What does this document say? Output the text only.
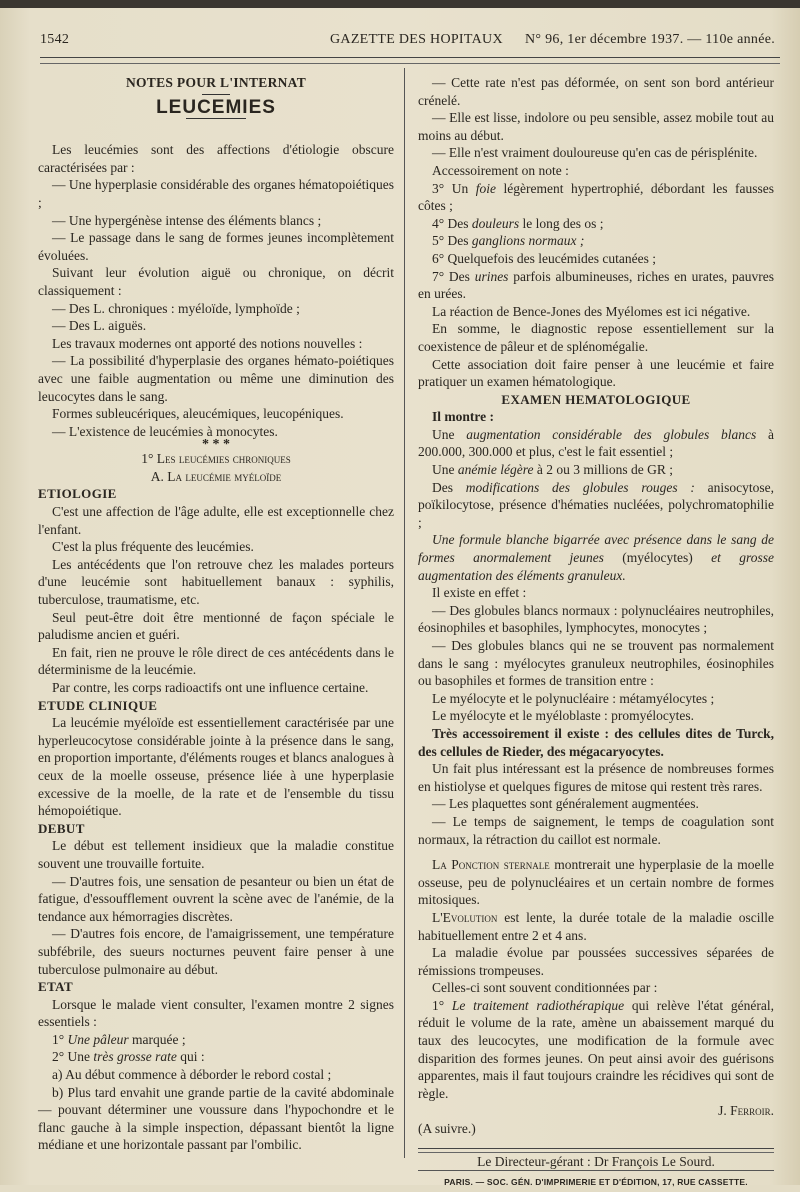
1542	GAZETTE DES HOPITAUX N° 96, 1er décembre 1937. — 110e année.

NOTES POUR L'INTERNAT

LEUCEMIES

Les leucémies sont des affections d'étiologie obscure caractérisées par :

— Une hyperplasie considérable des organes hématopoiétiques ;

— Une hypergénèse intense des éléments blancs ;

— Le passage dans le sang de formes jeunes incomplètement évoluées.

Suivant leur évolution aiguë ou chronique, on décrit classiquement :

— Des L. chroniques : myéloïde, lymphoïde ;

— Des L. aiguës.

Les travaux modernes ont apporté des notions nouvelles :

— La possibilité d'hyperplasie des organes hémato-poiétiques avec une faible augmentation ou même une diminution des leucocytes dans le sang.

Formes subleucériques, aleucémiques, leucopéniques.

— L'existence de leucémies à monocytes.

* * *

1° Les leucémies chroniques

A. La leucémie myéloïde

ETIOLOGIE

C'est une affection de l'âge adulte, elle est exceptionnelle chez l'enfant.

C'est la plus fréquente des leucémies.

Les antécédents que l'on retrouve chez les malades porteurs d'une leucémie sont habituellement banaux : syphilis, tuberculose, traumatisme, etc.

Seul peut-être doit être mentionné de façon spéciale le paludisme ancien et guéri.

En fait, rien ne prouve le rôle direct de ces antécédents dans le déterminisme de la leucémie.

Par contre, les corps radioactifs ont une influence certaine.

ETUDE CLINIQUE

La leucémie myéloïde est essentiellement caractérisée par une hyperleucocytose considérable jointe à la présence dans le sang, en proportion importante, d'éléments rouges et blancs analogues à ceux de la moelle osseuse, présence liée à une hyperplasie excessive de la moelle, de la rate et de l'ensemble du tissu hémopoiétique.

DEBUT

Le début est tellement insidieux que la maladie constitue souvent une trouvaille fortuite.

— D'autres fois, une sensation de pesanteur ou bien un état de fatigue, d'essoufflement ouvrent la scène avec de l'anémie, de la tendance aux hémorragies discrètes.

— D'autres fois encore, de l'amaigrissement, une température subfébrile, des sueurs nocturnes peuvent faire penser à une tuberculose pulmonaire au début.

ETAT

Lorsque le malade vient consulter, l'examen montre 2 signes essentiels :

1° Une pâleur marquée ;

2° Une très grosse rate qui :

a) Au début commence à déborder le rebord costal ;

b) Plus tard envahit une grande partie de la cavité abdominale — pouvant déterminer une voussure dans l'hypochondre et le flanc gauche à la simple inspection, dépassant bientôt la ligne médiane et une horizontale passant par l'ombilic.

— Cette rate n'est pas déformée, on sent son bord antérieur crénelé.

— Elle est lisse, indolore ou peu sensible, assez mobile tout au moins au début.

— Elle n'est vraiment douloureuse qu'en cas de périsplénite.

Accessoirement on note :

3° Un foie légèrement hypertrophié, débordant les fausses côtes ;

4° Des douleurs le long des os ;

5° Des ganglions normaux ;

6° Quelquefois des leucémides cutanées ;

7° Des urines parfois albumineuses, riches en urates, pauvres en urées.

La réaction de Bence-Jones des Myélomes est ici négative.

En somme, le diagnostic repose essentiellement sur la coexistence de pâleur et de splénomégalie.

Cette association doit faire penser à une leucémie et faire pratiquer un examen hématologique.

EXAMEN HEMATOLOGIQUE

Il montre :

Une augmentation considérable des globules blancs à 200.000, 300.000 et plus, c'est le fait essentiel ;

Une anémie légère à 2 ou 3 millions de GR ;

Des modifications des globules rouges : anisocytose, poïkilocytose, présence d'hématies nucléées, polychromatophilie ;

Une formule blanche bigarrée avec présence dans le sang de formes anormalement jeunes (myélocytes) et grosse augmentation des éléments granuleux.

Il existe en effet :

— Des globules blancs normaux : polynucléaires neutrophiles, éosinophiles et basophiles, lymphocytes, monocytes ;

— Des globules blancs qui ne se trouvent pas normalement dans le sang : myélocytes granuleux neutrophiles, éosinophiles ou basophiles et formes de transition entre :

Le myélocyte et le polynucléaire : métamyélocytes ;

Le myélocyte et le myéloblaste : promyélocytes.

Très accessoirement il existe : des cellules dites de Turck, des cellules de Rieder, des mégacaryocytes.

Un fait plus intéressant est la présence de nombreuses formes en histiolyse et quelques figures de mitose qui restent très rares.

— Les plaquettes sont généralement augmentées.

— Le temps de saignement, le temps de coagulation sont normaux, la rétraction du caillot est normale.

La Ponction sternale montrerait une hyperplasie de la moelle osseuse, peu de polynucléaires et un certain nombre de formes mitosiques.

L'Evolution est lente, la durée totale de la maladie oscille habituellement entre 2 et 4 ans.

La maladie évolue par poussées successives séparées de rémissions trompeuses.

Celles-ci sont souvent conditionnées par :

1° Le traitement radiothérapique qui relève l'état général, réduit le volume de la rate, amène un abaissement marqué du taux des leucocytes, une modification de la formule avec disparition des formes jeunes. On peut ainsi avoir des guérisons apparentes, mais il faut toujours craindre les récidives qui sont de règle.

J. Ferroir.

(A suivre.)

Le Directeur-gérant : Dr François Le Sourd.

PARIS. — SOC. GÉN. D'IMPRIMERIE ET D'ÉDITION, 17, RUE CASSETTE.
